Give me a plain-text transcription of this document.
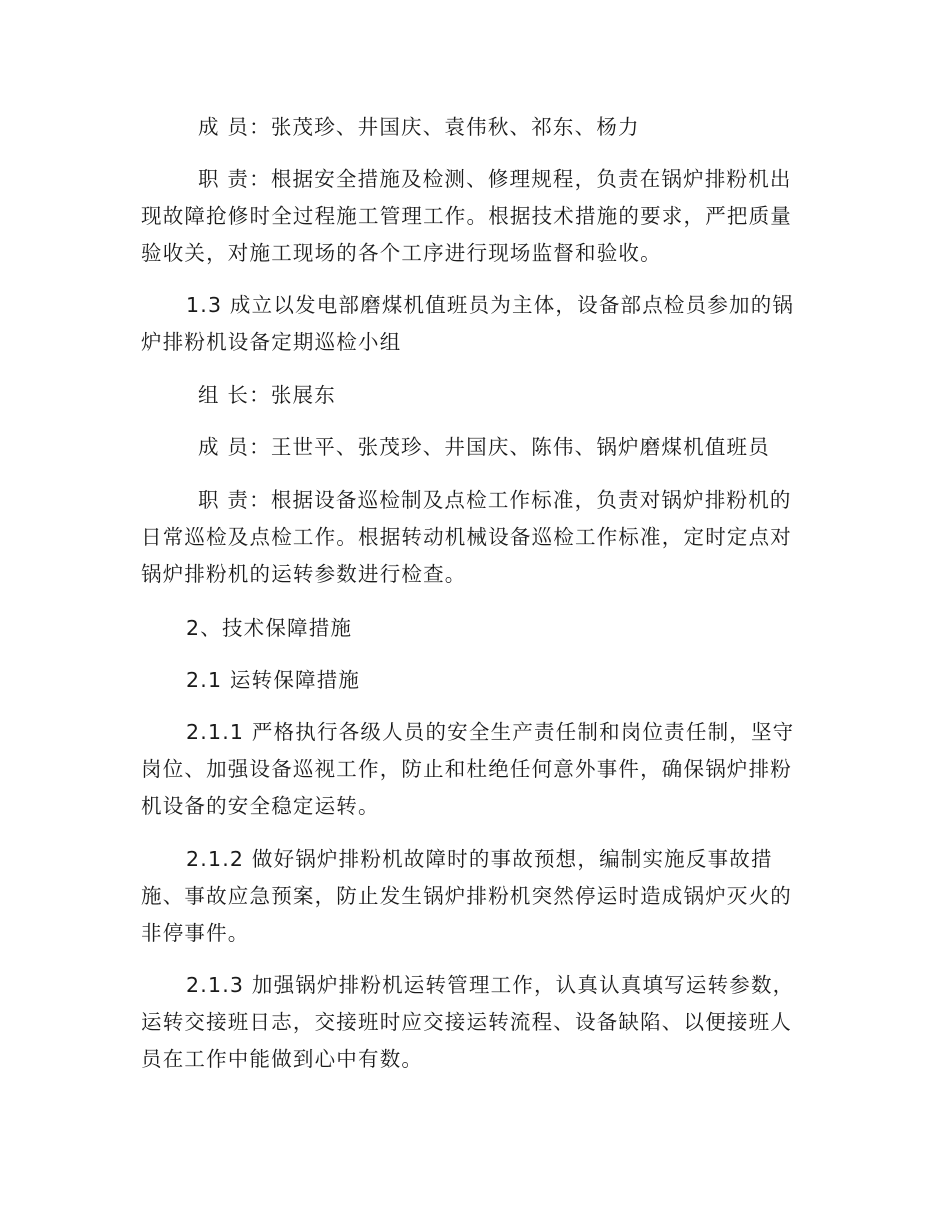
成 员：张茂珍、井国庆、袁伟秋、祁东、杨力
职 责：根据安全措施及检测、修理规程，负责在锅炉排粉机出
现故障抢修时全过程施工管理工作。根据技术措施的要求，严把质量
验收关，对施工现场的各个工序进行现场监督和验收。
1.3 成立以发电部磨煤机值班员为主体，设备部点检员参加的锅
炉排粉机设备定期巡检小组
组 长：张展东
成 员：王世平、张茂珍、井国庆、陈伟、锅炉磨煤机值班员
职 责：根据设备巡检制及点检工作标准，负责对锅炉排粉机的
日常巡检及点检工作。根据转动机械设备巡检工作标准，定时定点对
锅炉排粉机的运转参数进行检查。
2、技术保障措施
2.1 运转保障措施
2.1.1 严格执行各级人员的安全生产责任制和岗位责任制，坚守
岗位、加强设备巡视工作，防止和杜绝任何意外事件，确保锅炉排粉
机设备的安全稳定运转。
2.1.2 做好锅炉排粉机故障时的事故预想，编制实施反事故措
施、事故应急预案，防止发生锅炉排粉机突然停运时造成锅炉灭火的
非停事件。
2.1.3 加强锅炉排粉机运转管理工作，认真认真填写运转参数，
运转交接班日志，交接班时应交接运转流程、设备缺陷、以便接班人
员在工作中能做到心中有数。
